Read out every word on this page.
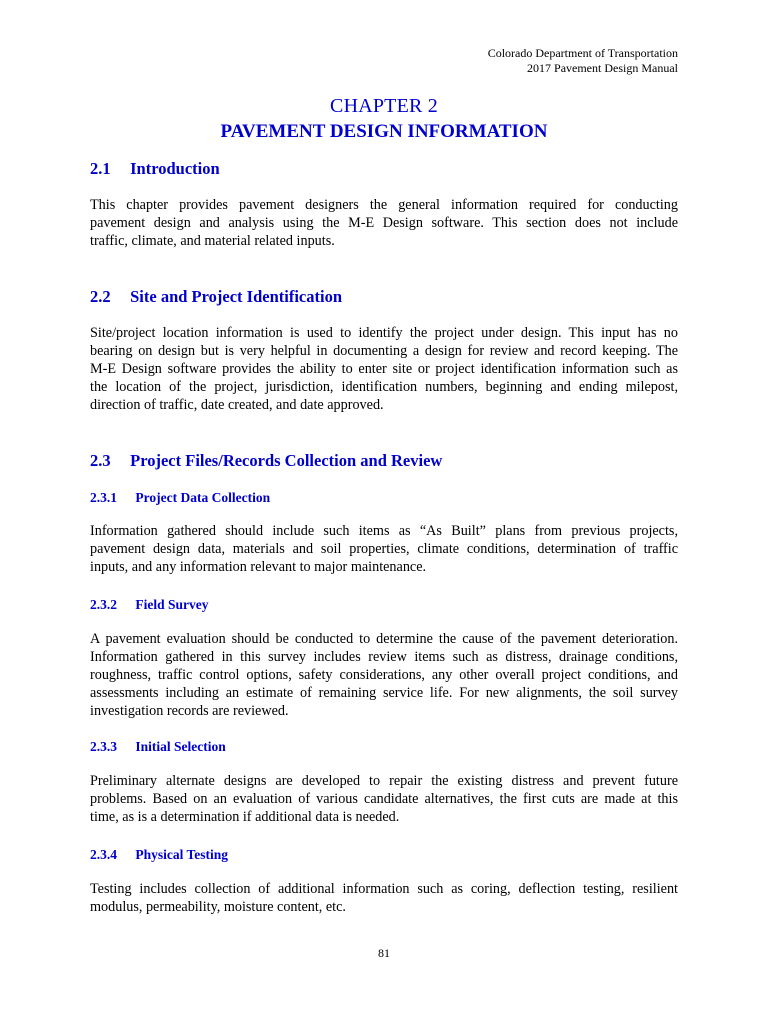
Colorado Department of Transportation
2017 Pavement Design Manual
CHAPTER 2
PAVEMENT DESIGN INFORMATION
2.1 Introduction
This chapter provides pavement designers the general information required for conducting
pavement design and analysis using the M-E Design software. This section does not include
traffic, climate, and material related inputs.
2.2 Site and Project Identification
Site/project location information is used to identify the project under design. This input has no
bearing on design but is very helpful in documenting a design for review and record keeping. The
M-E Design software provides the ability to enter site or project identification information such as
the location of the project, jurisdiction, identification numbers, beginning and ending milepost,
direction of traffic, date created, and date approved.
2.3 Project Files/Records Collection and Review
2.3.1 Project Data Collection
Information gathered should include such items as “As Built” plans from previous projects,
pavement design data, materials and soil properties, climate conditions, determination of traffic
inputs, and any information relevant to major maintenance.
2.3.2 Field Survey
A pavement evaluation should be conducted to determine the cause of the pavement deterioration.
Information gathered in this survey includes review items such as distress, drainage conditions,
roughness, traffic control options, safety considerations, any other overall project conditions, and
assessments including an estimate of remaining service life. For new alignments, the soil survey
investigation records are reviewed.
2.3.3 Initial Selection
Preliminary alternate designs are developed to repair the existing distress and prevent future
problems. Based on an evaluation of various candidate alternatives, the first cuts are made at this
time, as is a determination if additional data is needed.
2.3.4 Physical Testing
Testing includes collection of additional information such as coring, deflection testing, resilient
modulus, permeability, moisture content, etc.
81
